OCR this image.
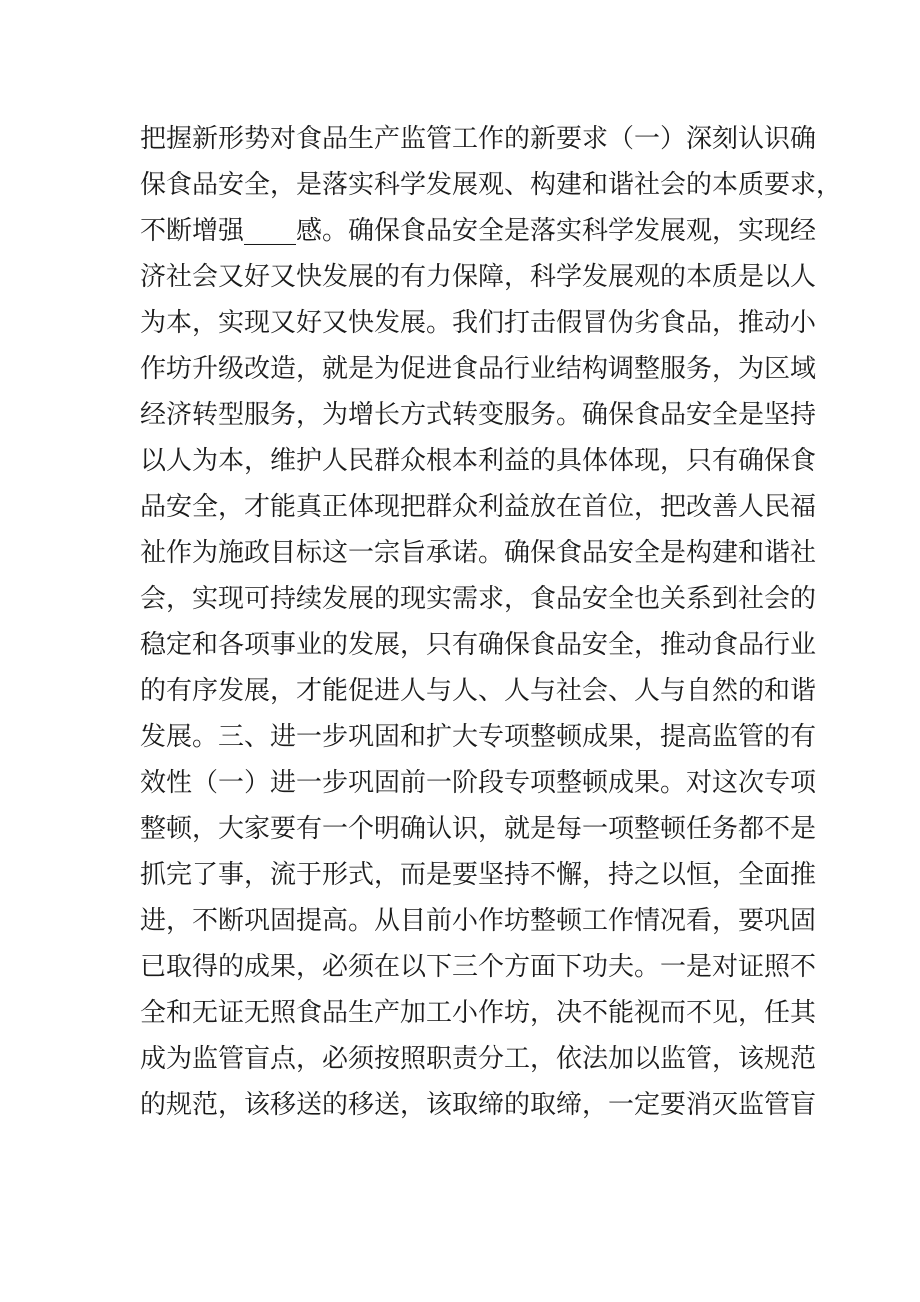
把握新形势对食品生产监管工作的新要求（一）深刻认识确

保食品安全，是落实科学发展观、构建和谐社会的本质要求，

不断增强____感。确保食品安全是落实科学发展观，实现经

济社会又好又快发展的有力保障，科学发展观的本质是以人

为本，实现又好又快发展。我们打击假冒伪劣食品，推动小

作坊升级改造，就是为促进食品行业结构调整服务，为区域

经济转型服务，为增长方式转变服务。确保食品安全是坚持

以人为本，维护人民群众根本利益的具体体现，只有确保食

品安全，才能真正体现把群众利益放在首位，把改善人民福

祉作为施政目标这一宗旨承诺。确保食品安全是构建和谐社

会，实现可持续发展的现实需求，食品安全也关系到社会的

稳定和各项事业的发展，只有确保食品安全，推动食品行业

的有序发展，才能促进人与人、人与社会、人与自然的和谐

发展。三、进一步巩固和扩大专项整顿成果，提高监管的有

效性（一）进一步巩固前一阶段专项整顿成果。对这次专项

整顿，大家要有一个明确认识，就是每一项整顿任务都不是

抓完了事，流于形式，而是要坚持不懈，持之以恒，全面推

进，不断巩固提高。从目前小作坊整顿工作情况看，要巩固

已取得的成果，必须在以下三个方面下功夫。一是对证照不

全和无证无照食品生产加工小作坊，决不能视而不见，任其

成为监管盲点，必须按照职责分工，依法加以监管，该规范

的规范，该移送的移送，该取缔的取缔，一定要消灭监管盲
